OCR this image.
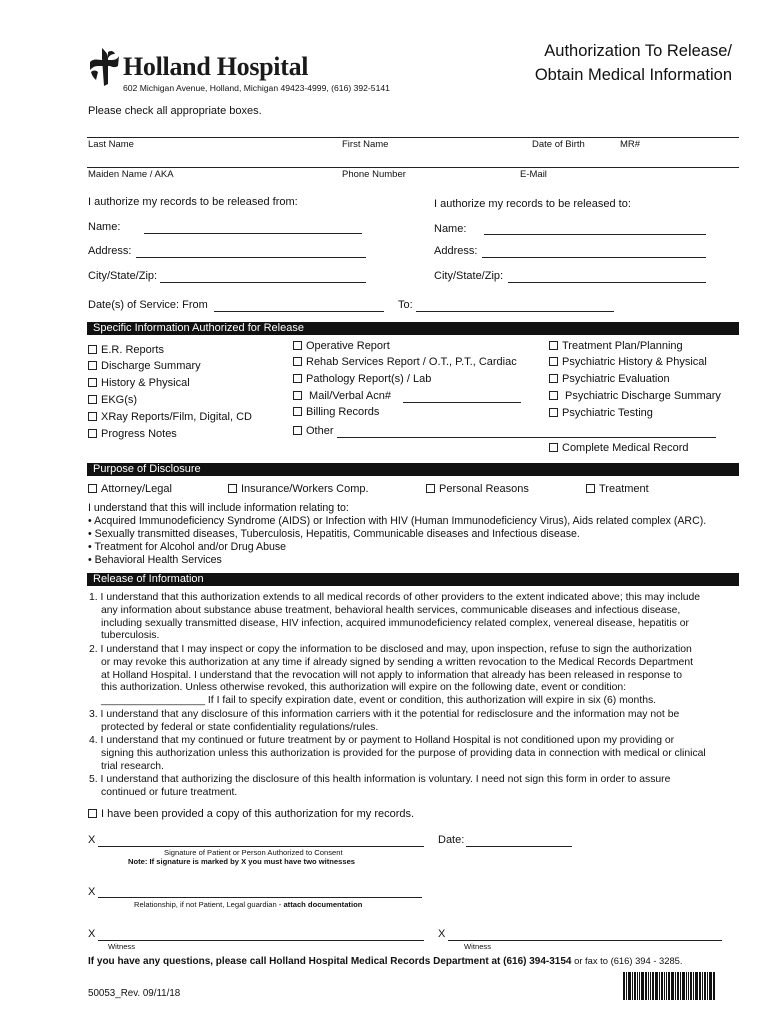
Holland Hospital
602 Michigan Avenue, Holland, Michigan 49423-4999, (616) 392-5141
Authorization To Release/
Obtain Medical Information
Please check all appropriate boxes.
Last Name	First Name	Date of Birth	MR#
Maiden Name / AKA	Phone Number	E-Mail
I authorize my records to be released from:	I authorize my records to be released to:
Name:	Name:
Address:	Address:
City/State/Zip:	City/State/Zip:
Date(s) of Service: From	To:
Specific Information Authorized for Release
E.R. Reports
Discharge Summary
History & Physical
EKG(s)
XRay Reports/Film, Digital, CD
Progress Notes
Operative Report
Rehab Services Report / O.T., P.T., Cardiac
Pathology Report(s) / Lab
Mail/Verbal Acn#
Billing Records
Other
Treatment Plan/Planning
Psychiatric History & Physical
Psychiatric Evaluation
Psychiatric Discharge Summary
Psychiatric Testing
Complete Medical Record
Purpose of Disclosure
Attorney/Legal	Insurance/Workers Comp.	Personal Reasons	Treatment
I understand that this will include information relating to:
• Acquired Immunodeficiency Syndrome (AIDS) or Infection with HIV (Human Immunodeficiency Virus), Aids related complex (ARC).
• Sexually transmitted diseases, Tuberculosis, Hepatitis, Communicable diseases and Infectious disease.
• Treatment for Alcohol and/or Drug Abuse
• Behavioral Health Services
Release of Information
1. I understand that this authorization extends to all medical records of other providers to the extent indicated above; this may include
any information about substance abuse treatment, behavioral health services, communicable diseases and infectious disease,
including sexually transmitted disease, HIV infection, acquired immunodeficiency related complex, venereal disease, hepatitis or
tuberculosis.
2. I understand that I may inspect or copy the information to be disclosed and may, upon inspection, refuse to sign the authorization
or may revoke this authorization at any time if already signed by sending a written revocation to the Medical Records Department
at Holland Hospital. I understand that the revocation will not apply to information that already has been released in response to
this authorization. Unless otherwise revoked, this authorization will expire on the following date, event or condition:
__________________ If I fail to specify expiration date, event or condition, this authorization will expire in six (6) months.
3. I understand that any disclosure of this information carriers with it the potential for redisclosure and the information may not be
protected by federal or state confidentiality regulations/rules.
4. I understand that my continued or future treatment by or payment to Holland Hospital is not conditioned upon my providing or
signing this authorization unless this authorization is provided for the purpose of providing data in connection with medical or clinical
trial research.
5. I understand that authorizing the disclosure of this health information is voluntary. I need not sign this form in order to assure
continued or future treatment.
I have been provided a copy of this authorization for my records.
X	Date:
Signature of Patient or Person Authorized to Consent
Note: If signature is marked by X you must have two witnesses
X
Relationship, if not Patient, Legal guardian - attach documentation
X
Witness
X
Witness
If you have any questions, please call Holland Hospital Medical Records Department at (616) 394-3154 or fax to (616) 394 - 3285.
50053_Rev. 09/11/18
